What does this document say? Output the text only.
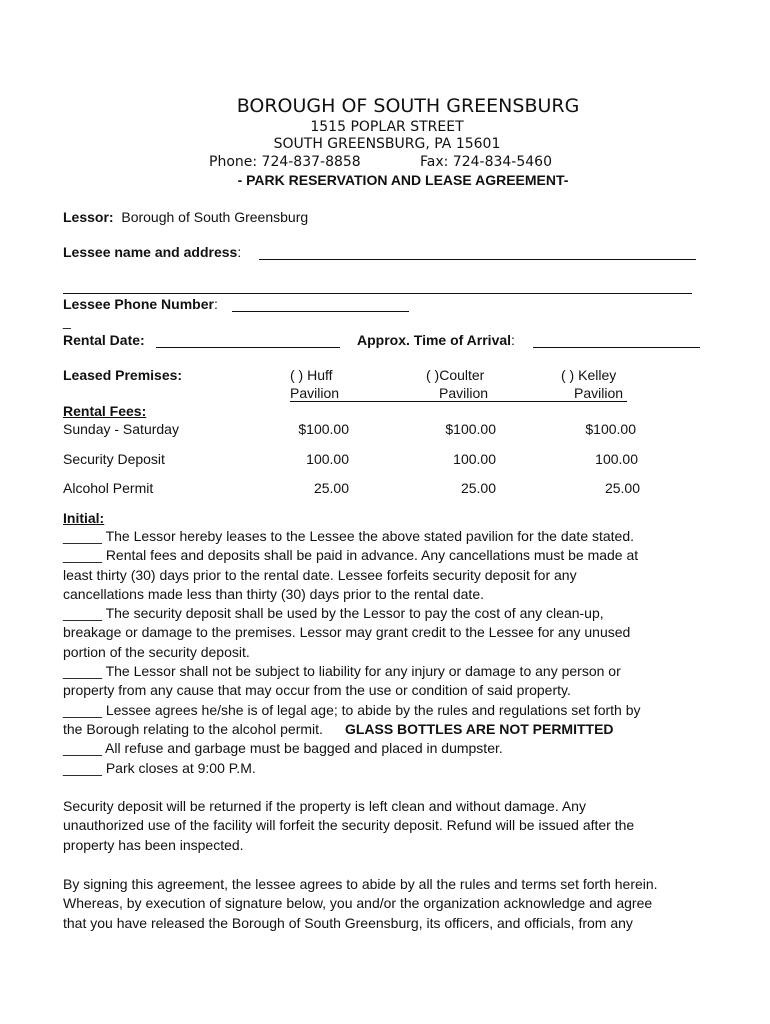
BOROUGH OF SOUTH GREENSBURG
1515 POPLAR STREET
SOUTH GREENSBURG, PA 15601
Phone: 724-837-8858	Fax: 724-834-5460
- PARK RESERVATION AND LEASE AGREEMENT-
Lessor: Borough of South Greensburg
Lessee name and address:
Lessee Phone Number:
_
Rental Date:	Approx. Time of Arrival:
Leased Premises:	( ) Huff	( )Coulter	( ) Kelley
Pavilion	Pavilion	Pavilion
Rental Fees:
Sunday - Saturday	$100.00	$100.00	$100.00
Security Deposit	100.00	100.00	100.00
Alcohol Permit	25.00	25.00	25.00
Initial:

_____ The Lessor hereby leases to the Lessee the above stated pavilion for the date stated.

_____ Rental fees and deposits shall be paid in advance. Any cancellations must be made at

least thirty (30) days prior to the rental date. Lessee forfeits security deposit for any

cancellations made less than thirty (30) days prior to the rental date.

_____ The security deposit shall be used by the Lessor to pay the cost of any clean-up,

breakage or damage to the premises. Lessor may grant credit to the Lessee for any unused

portion of the security deposit.

_____ The Lessor shall not be subject to liability for any injury or damage to any person or

property from any cause that may occur from the use or condition of said property.

_____ Lessee agrees he/she is of legal age; to abide by the rules and regulations set forth by

the Borough relating to the alcohol permit. GLASS BOTTLES ARE NOT PERMITTED

_____ All refuse and garbage must be bagged and placed in dumpster.

_____ Park closes at 9:00 P.M.

Security deposit will be returned if the property is left clean and without damage. Any

unauthorized use of the facility will forfeit the security deposit. Refund will be issued after the

property has been inspected.

By signing this agreement, the lessee agrees to abide by all the rules and terms set forth herein.

Whereas, by execution of signature below, you and/or the organization acknowledge and agree

that you have released the Borough of South Greensburg, its officers, and officials, from any
